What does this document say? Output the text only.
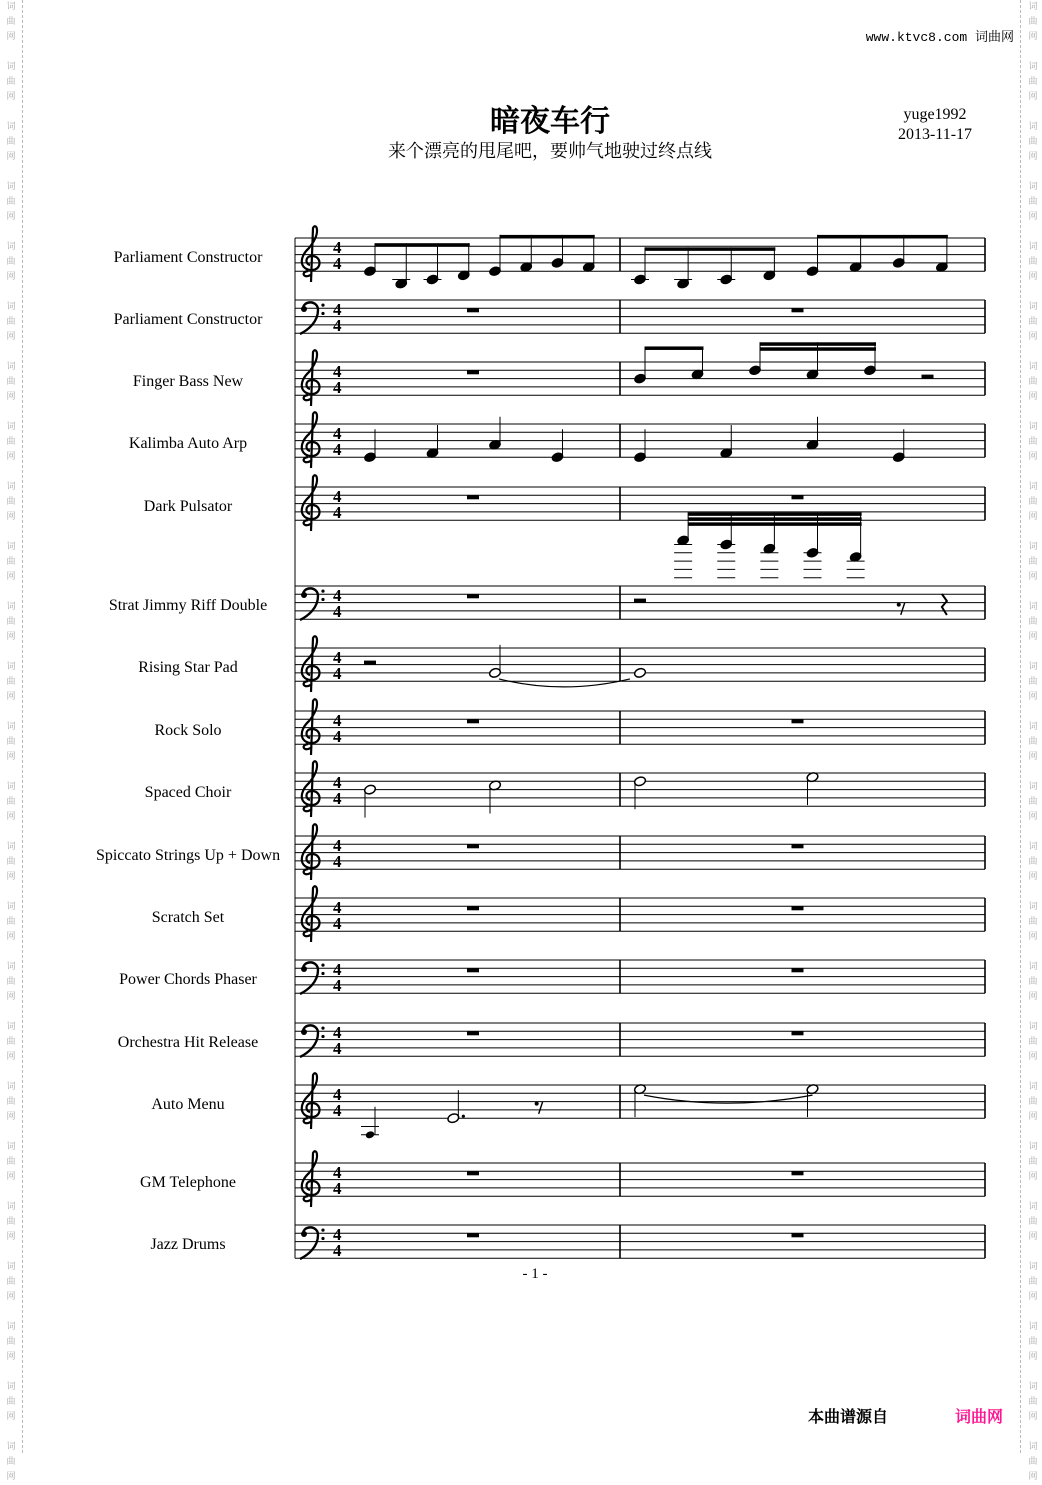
词
曲
网
词
曲
网
词
曲
网
词
曲
网
词
曲
网
词
曲
网
词
曲
网
词
曲
网
词
曲
网
词
曲
网
词
曲
网
词
曲
网
词
曲
网
词
曲
网
词
曲
网
词
曲
网
词
曲
网
词
曲
网
词
曲
网
词
曲
网
词
曲
网
词
曲
网
词
曲
网
词
曲
网
词
曲
网
词
曲
网
词
曲
网
词
曲
网
词
曲
网
词
曲
网
词
曲
网
词
曲
网
词
曲
网
词
曲
网
词
曲
网
词
曲
网
词
曲
网
词
曲
网
词
曲
网
词
曲
网
词
曲
网
词
曲
网
词
曲
网
词
曲
网
词
曲
网
词
曲
网
词
曲
网
词
曲
网
词
曲
网
词
曲
网
www.ktvc8.com 词曲网
暗夜车行
来个漂亮的甩尾吧，要帅气地驶过终点线
yuge1992
2013-11-17
Parliament Constructor
Parliament Constructor
Finger Bass New
Kalimba Auto Arp
Dark Pulsator
Strat Jimmy Riff Double
Rising Star Pad
Rock Solo
Spaced Choir
Spiccato Strings Up + Down
Scratch Set
Power Chords Phaser
Orchestra Hit Release
Auto Menu
GM Telephone
Jazz Drums
4
4
4
4
4
4
4
4
4
4
4
4
4
4
4
4
4
4
4
4
4
4
4
4
4
4
4
4
4
4
4
4
- 1 -
本曲谱源自	词曲网
